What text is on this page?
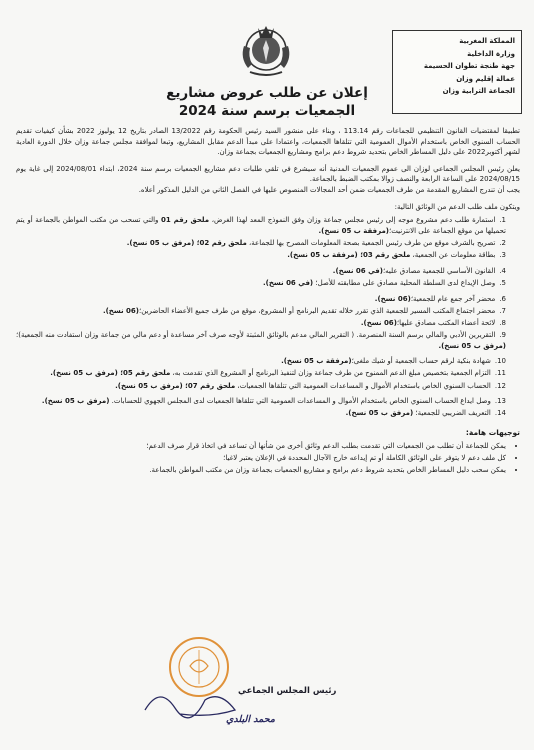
المملكة المغربية
وزارة الداخلية
جهة طنجة تطوان الحسيمة
عمالة إقليم وزان
الجماعة الترابية وزان
إعلان عن طلب عروض مشاريع
الجمعيات برسم سنة 2024

تطبيقا لمقتضيات القانون التنظيمي للجماعات رقم 113.14 ، وبناء على منشور السيد رئيس الحكومة رقم 13/2022 الصادر بتاريخ 12 يوليوز 2022 بشأن كيفيات تقديم الحساب السنوي الخاص باستخدام الأموال العمومية التي تتلقاها الجمعيات، واعتمادا على مبدأ الدعم مقابل المشاريع، وتبعا لموافقة مجلس جماعة وزان خلال الدورة العادية لشهر أكتوبر2022 على دليل المساطر الخاص بتحديد شروط دعم برامج ومشاريع الجمعيات بجماعة وزان.

يعلن رئيس المجلس الجماعي لوزان الى عموم الجمعيات المدنية أنه سيشرع في تلقي طلبات دعم مشاريع الجمعيات برسم سنة 2024، ابتداء 2024/08/01 إلى غاية يوم 2024/08/15 على الساعة الرابعة والنصف زوالا بمكتب الضبط بالجماعة.

يجب أن تندرج المشاريع المقدمة من طرف الجمعيات ضمن أحد المجالات المنصوص عليها في الفصل الثاني من الدليل المذكور أعلاه.

ويتكون ملف طلب الدعم من الوثائق التالية:

1.استمارة طلب دعم مشروع موجه إلى رئيس مجلس جماعة وزان وفق النموذج المعد لهذا الغرض، ملحق رقم 01 والتي تسحب من مكتب المواطن بالجماعة أو يتم تحميلها من موقع الجماعة على الانترنيت؛(مرفقة ب 05 نسخ).
2.تصريح بالشرف موقع من طرف رئيس الجمعية بصحة المعلومات المصرح بها للجماعة، ملحق رقم 02؛ (مرفق ب 05 نسخ).
3.بطاقة معلومات عن الجمعية، ملحق رقم 03؛ (مرفقة ب 05 نسخ).
4.القانون الأساسي للجمعية مصادق عليه؛(في 06 نسخ).
5.وصل الإيداع لدى السلطة المحلية مصادق على مطابقته للأصل؛ (في 06 نسخ).
6.محضر آخر جمع عام للجمعية؛(06 نسخ).
7.محضر اجتماع المكتب المسير للجمعية الذي تقرر خلاله تقديم البرنامج أو المشروع، موقع من طرف جميع الأعضاء الحاضرين؛(06 نسخ).
8.لائحة أعضاء المكتب مصادق عليها؛(06 نسخ).
9.التقريرين الأدبي والمالي برسم السنة المنصرمة. ( التقرير المالي مدعم بالوثائق المثبتة لأوجه صرف آخر مساعدة أو دعم مالي من جماعة وزان استفادت منه الجمعية)؛ (مرفق ب 05 نسخ).
10.شهادة بنكية لرقم حساب الجمعية أو شيك ملغى؛(مرفقة ب 05 نسخ).
11.التزام الجمعية بتخصيص مبلغ الدعم الممنوح من طرف جماعة وزان لتنفيذ البرنامج أو المشروع الذي تقدمت به، ملحق رقم 05؛ (مرفق ب 05 نسخ).
12.الحساب السنوي الخاص باستخدام الأموال و المساعدات العمومية التي تتلقاها الجمعيات، ملحق رقم 07؛ (مرفق ب 05 نسخ).
13.وصل ايداع الحساب السنوي الخاص باستخدام الأموال و المساعدات العمومية التي تتلقاها الجمعيات لدى المجلس الجهوي للحسابات. (مرفق ب 05 نسخ).
14.التعريف الضريبي للجمعية؛ (مرفق ب 05 نسخ).
توجيهات هامة:
• يمكن للجماعة أن تطلب من الجمعيات التي تقدمت بطلب الدعم وثائق أخرى من شأنها أن تساعد في اتخاذ قرار صرف الدعم؛
• كل ملف دعم لا يتوفر على الوثائق الكاملة أو تم إيداعه خارج الآجال المحددة في الإعلان يعتبر لاغيا؛
• يمكن سحب دليل المساطر الخاص بتحديد شروط دعم برامج و مشاريع الجمعيات بجماعة وزان من مكتب المواطن بالجماعة.
رئيس المجلس الجماعي
محمد البلدي
